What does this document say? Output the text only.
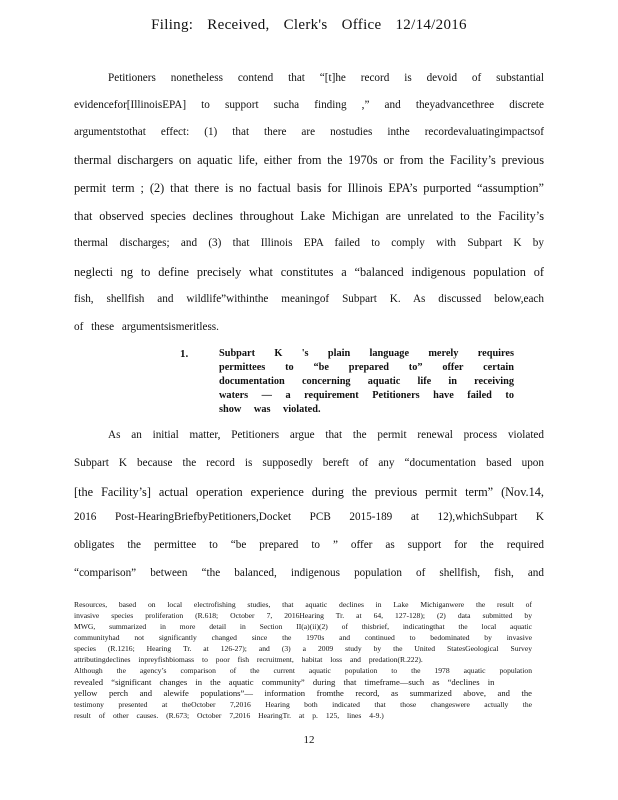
Filing: Received, Clerk's Office 12/14/2016
Petitioners nonetheless contend that “[t]he record is devoid of substantial
evidencefor[IllinoisEPA] to support sucha finding ,” and theyadvancethree discrete
argumentstothat effect: (1) that there are nostudies inthe recordevaluatingimpactsof
thermal dischargers on aquatic life, either from the 1970s or from the Facility’s previous
permit term ; (2) that there is no factual basis for Illinois EPA’s purported “assumption”
that observed species declines throughout Lake Michigan are unrelated to the Facility’s
thermal discharges; and (3) that Illinois EPA failed to comply with Subpart K by
neglecti ng to define precisely what constitutes a “balanced indigenous population of
fish, shellfish and wildlife”withinthe meaningof Subpart K. As discussed below,each
of these argumentsismeritless.
1.	Subpart K 's plain language merely requires
permittees to “be prepared to” offer certain
documentation concerning aquatic life in receiving
waters — a requirement Petitioners have failed to
show was violated.
As an initial matter, Petitioners argue that the permit renewal process violated
Subpart K because the record is supposedly bereft of any “documentation based upon
[the Facility’s] actual operation experience during the previous permit term” (Nov.14,
2016 Post-HearingBriefbyPetitioners,Docket PCB 2015-189 at 12),whichSubpart K
obligates the permittee to “be prepared to ” offer as support for the required
“comparison” between “the balanced, indigenous population of shellfish, fish, and
Resources, based on local electrofishing studies, that aquatic declines in Lake Michiganwere the result of
invasive species proliferation (R.618; October 7, 2016Hearing Tr. at 64, 127-128); (2) data submitted by
MWG, summarized in more detail in Section II(a)(ii)(2) of thisbrief, indicatingthat the local aquatic
communityhad not significantly changed since the 1970s and continued to bedominated by invasive
species (R.1216; Hearing Tr. at 126-27); and (3) a 2009 study by the United StatesGeological Survey
attributingdeclines inpreyfishbiomass to poor fish recruitment, habitat loss and predation(R.222).
Although the agency’s comparison of the current aquatic population to the 1978 aquatic population
revealed “significant changes in the aquatic community” during that timeframe—such as “declines in
yellow perch and alewife populations”— information fromthe record, as summarized above, and the
testimony presented at theOctober 7,2016 Hearing both indicated that those changeswere actually the
result of other causes. (R.673; October 7,2016 HearingTr. at p. 125, lines 4-9.)
12
